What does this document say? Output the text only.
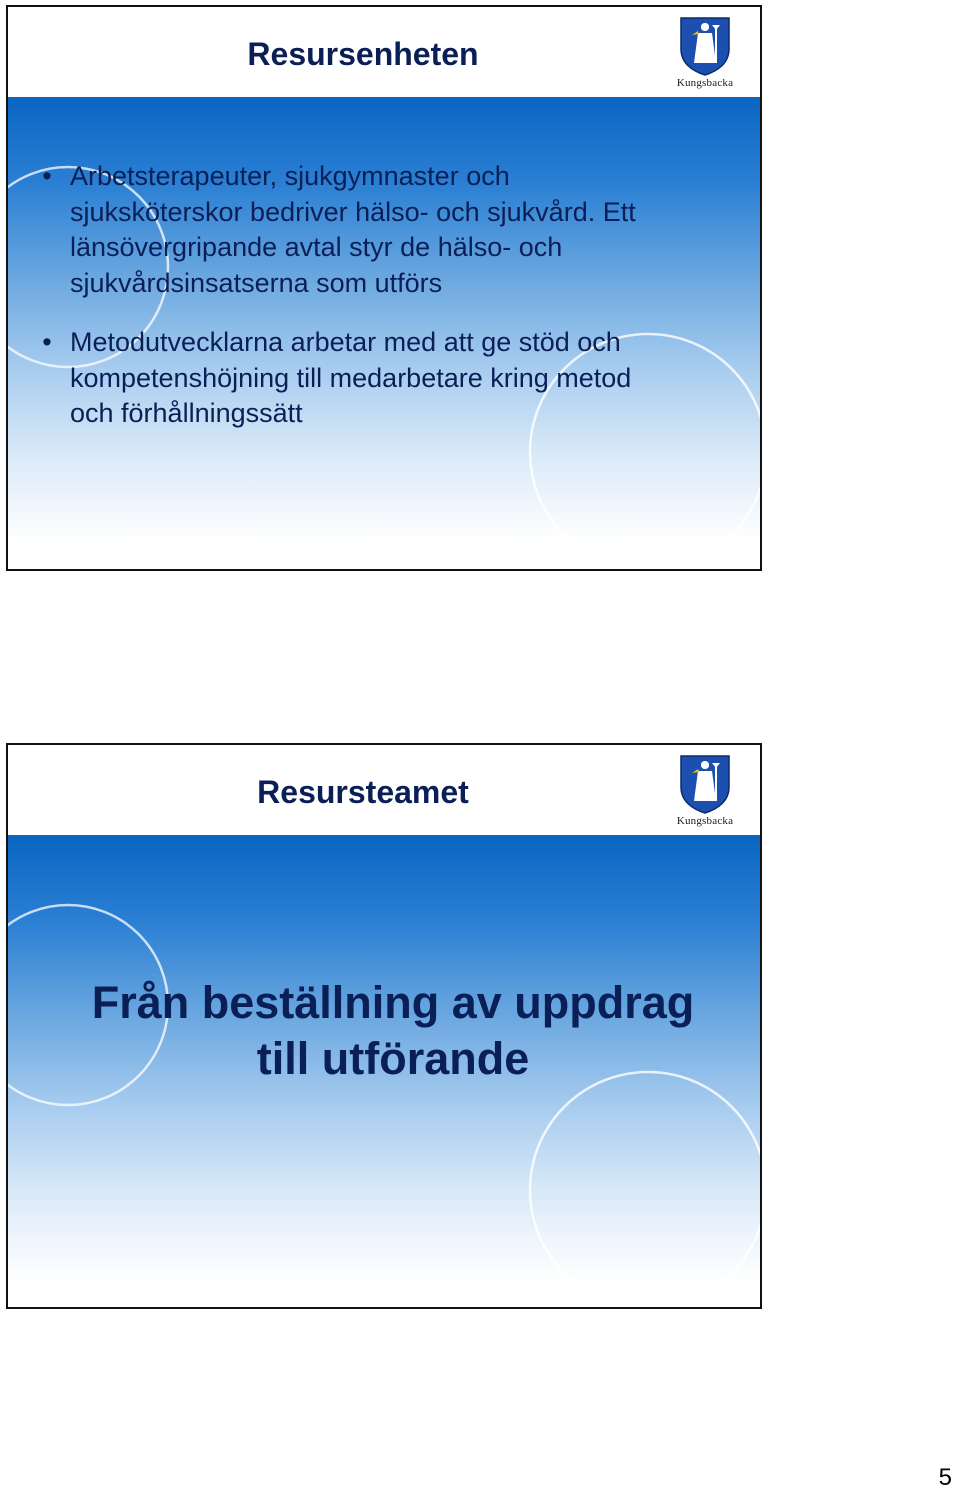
Resursenheten
Kungsbacka
• Arbetsterapeuter, sjukgymnaster och sjuksköterskor bedriver hälso- och sjukvård. Ett länsövergripande avtal styr de hälso- och sjukvårdsinsatserna som utförs
• Metodutvecklarna arbetar med att ge stöd och kompetenshöjning till medarbetare kring metod och förhållningssätt
Resursteamet
Kungsbacka
Från beställning av uppdrag
till utförande
5
